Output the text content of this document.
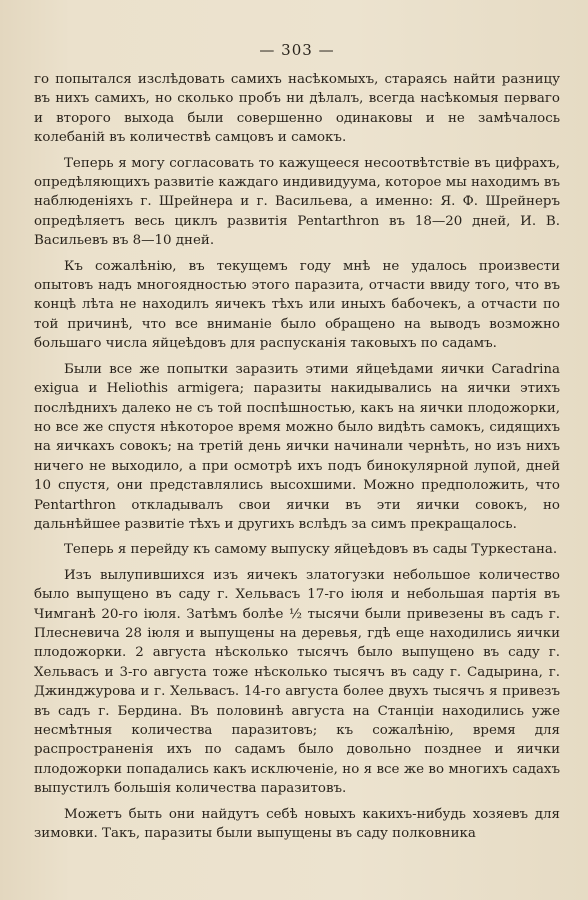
— 303 —

го попытался изслѣдовать самихъ насѣкомыхъ, стараясь найти разницу въ нихъ самихъ, но сколько пробъ ни дѣлалъ, всегда насѣкомыя перваго и второго выхода были совершенно одинаковы и не замѣчалось колебаній въ количествѣ самцовъ и самокъ.

Теперь я могу согласовать то кажущееся несоотвѣтствіе въ цифрахъ, опредѣляющихъ развитіе каждаго индивидуума, которое мы находимъ въ наблюденіяхъ г. Шрейнера и г. Васильева, а именно: Я. Ф. Шрейнеръ опредѣляетъ весь циклъ развитія Pentarthron въ 18—20 дней, И. В. Васильевъ въ 8—10 дней.

Къ сожалѣнію, въ текущемъ году мнѣ не удалось произвести опытовъ надъ многоядностью этого паразита, отчасти ввиду того, что въ концѣ лѣта не находилъ яичекъ тѣхъ или иныхъ бабочекъ, а отчасти по той причинѣ, что все вниманіе было обращено на выводъ возможно большаго числа яйцеѣдовъ для распусканія таковыхъ по садамъ.

Были все же попытки заразить этими яйцеѣдами яички Caradrina exigua и Heliothis armigera; паразиты накидывались на яички этихъ послѣднихъ далеко не съ той поспѣшностью, какъ на яички плодожорки, но все же спустя нѣкоторое время можно было видѣть самокъ, сидящихъ на яичкахъ совокъ; на третій день яички начинали чернѣть, но изъ нихъ ничего не выходило, а при осмотрѣ ихъ подъ бинокулярной лупой, дней 10 спустя, они представлялись высохшими. Можно предположить, что Pentarthron откладывалъ свои яички въ эти яички совокъ, но дальнѣйшее развитіе тѣхъ и другихъ вслѣдъ за симъ прекращалось.

Теперь я перейду къ самому выпуску яйцеѣдовъ въ сады Туркестана.

Изъ вылупившихся изъ яичекъ златогузки небольшое количество было выпущено въ саду г. Хельвасъ 17-го іюля и небольшая партія въ Чимганѣ 20-го іюля. Затѣмъ болѣе ½ тысячи были привезены въ садъ г. Плесневича 28 іюля и выпущены на деревья, гдѣ еще находились яички плодожорки. 2 августа нѣсколько тысячъ было выпущено въ саду г. Хельвасъ и 3-го августа тоже нѣсколько тысячъ въ саду г. Садырина, г. Джинджурова и г. Хельвасъ. 14-го августа более двухъ тысячъ я привезъ въ садъ г. Бердина. Въ половинѣ августа на Станціи находились уже несмѣтныя количества паразитовъ; къ сожалѣнію, время для распространенія ихъ по садамъ было довольно позднее и яички плодожорки попадались какъ исключеніе, но я все же во многихъ садахъ выпустилъ большія количества паразитовъ.

Можетъ быть они найдутъ себѣ новыхъ какихъ-нибудь хозяевъ для зимовки. Такъ, паразиты были выпущены въ саду полковника
